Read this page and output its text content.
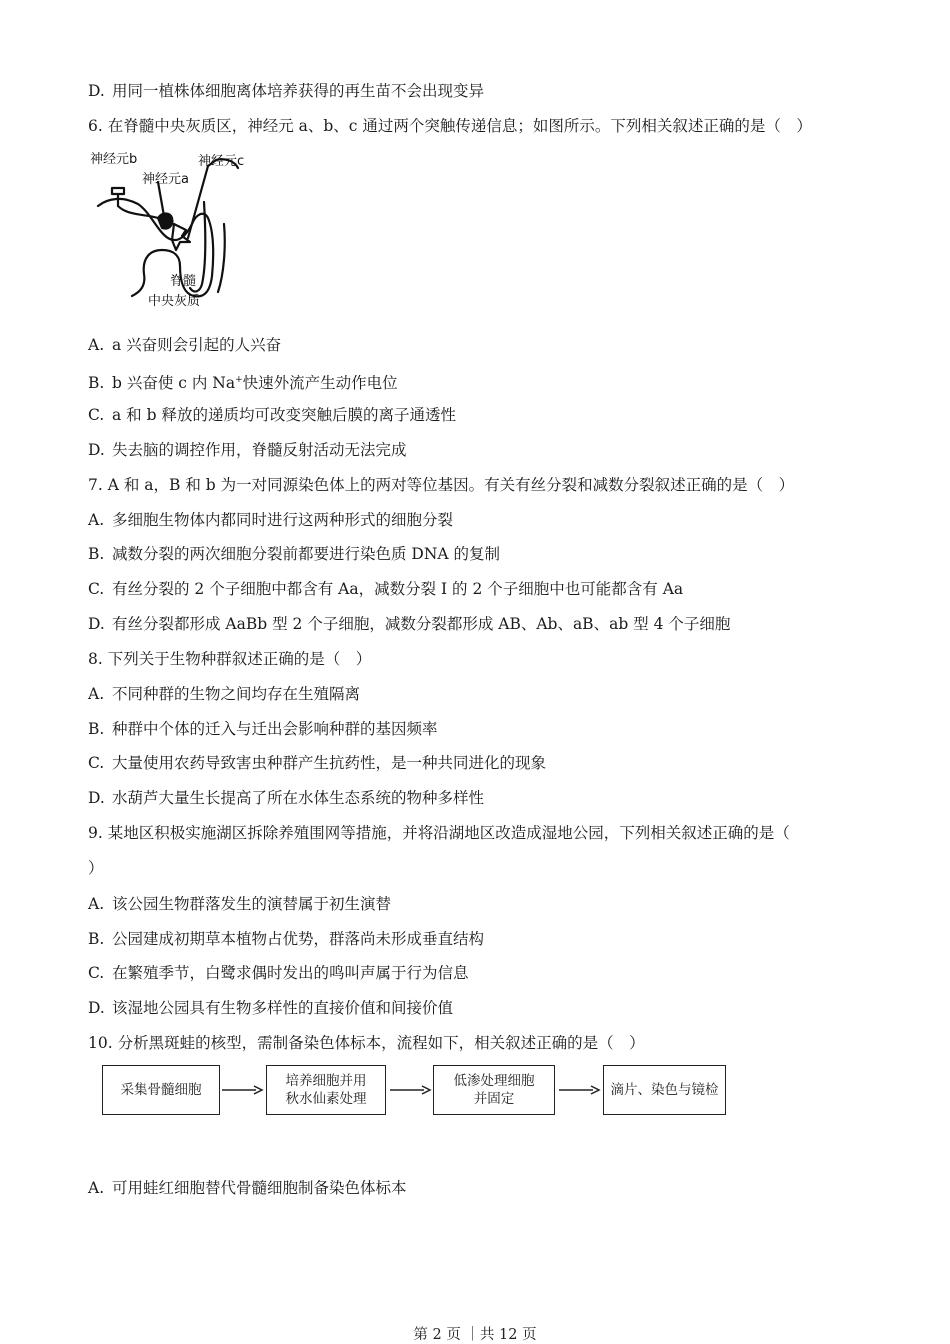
D. 用同一植株体细胞离体培养获得的再生苗不会出现变异
6. 在脊髓中央灰质区，神经元 a、b、c 通过两个突触传递信息；如图所示。下列相关叙述正确的是（　）
神经元b	神经元c
神经元a
脊髓
中央灰质
A. a 兴奋则会引起的人兴奋
B. b 兴奋使 c 内 Na+快速外流产生动作电位
C. a 和 b 释放的递质均可改变突触后膜的离子通透性
D. 失去脑的调控作用，脊髓反射活动无法完成
7. A 和 a，B 和 b 为一对同源染色体上的两对等位基因。有关有丝分裂和减数分裂叙述正确的是（　）
A. 多细胞生物体内都同时进行这两种形式的细胞分裂
B. 减数分裂的两次细胞分裂前都要进行染色质 DNA 的复制
C. 有丝分裂的 2 个子细胞中都含有 Aa，减数分裂 Ⅰ 的 2 个子细胞中也可能都含有 Aa
D. 有丝分裂都形成 AaBb 型 2 个子细胞，减数分裂都形成 AB、Ab、aB、ab 型 4 个子细胞
8. 下列关于生物种群叙述正确的是（　）
A. 不同种群的生物之间均存在生殖隔离
B. 种群中个体的迁入与迁出会影响种群的基因频率
C. 大量使用农药导致害虫种群产生抗药性，是一种共同进化的现象
D. 水葫芦大量生长提高了所在水体生态系统的物种多样性
9. 某地区积极实施湖区拆除养殖围网等措施，并将沿湖地区改造成湿地公园，下列相关叙述正确的是（
）
A. 该公园生物群落发生的演替属于初生演替
B. 公园建成初期草本植物占优势，群落尚未形成垂直结构
C. 在繁殖季节，白鹭求偶时发出的鸣叫声属于行为信息
D. 该湿地公园具有生物多样性的直接价值和间接价值
10. 分析黑斑蛙的核型，需制备染色体标本，流程如下，相关叙述正确的是（　）
采集骨髓细胞
培养细胞并用
秋水仙素处理
低渗处理细胞
并固定
滴片、染色与镜检
A. 可用蛙红细胞替代骨髓细胞制备染色体标本
第 2 页 ｜共 12 页
